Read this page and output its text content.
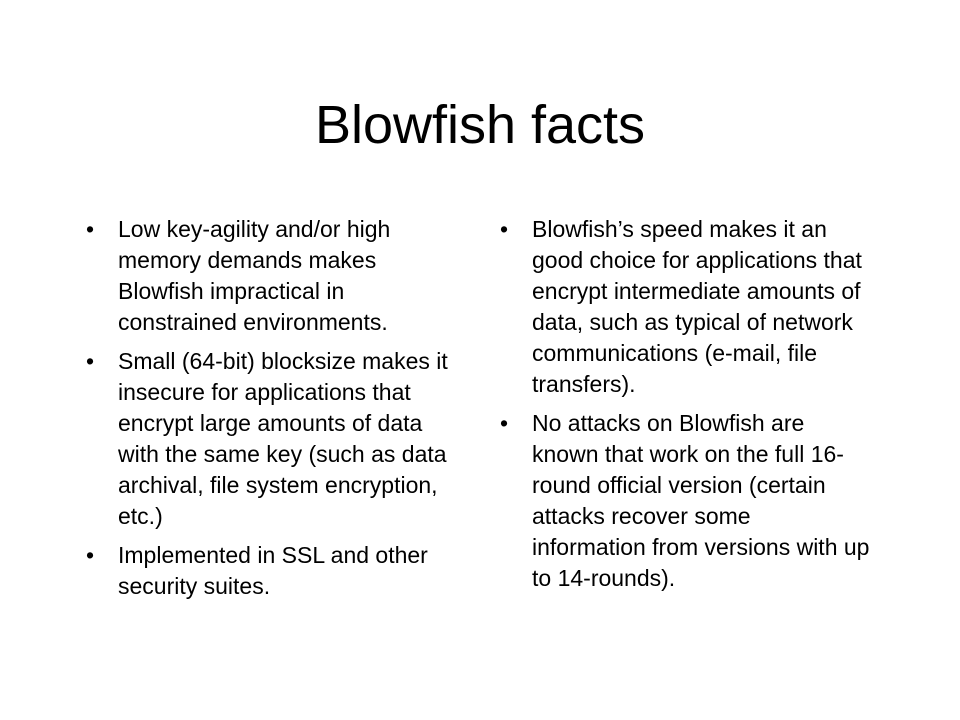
Blowfish facts
•	Low key-agility and/or high memory demands makes Blowfish impractical in constrained environments.
•	Small (64-bit) blocksize makes it insecure for applications that encrypt large amounts of data with the same key (such as data archival, file system encryption, etc.)
•	Implemented in SSL and other security suites.
•	Blowfish’s speed makes it an good choice for applications that encrypt intermediate amounts of data, such as typical of network communications (e-mail, file transfers).
•	No attacks on Blowfish are known that work on the full 16-round official version (certain attacks recover some information from versions with up to 14-rounds).
